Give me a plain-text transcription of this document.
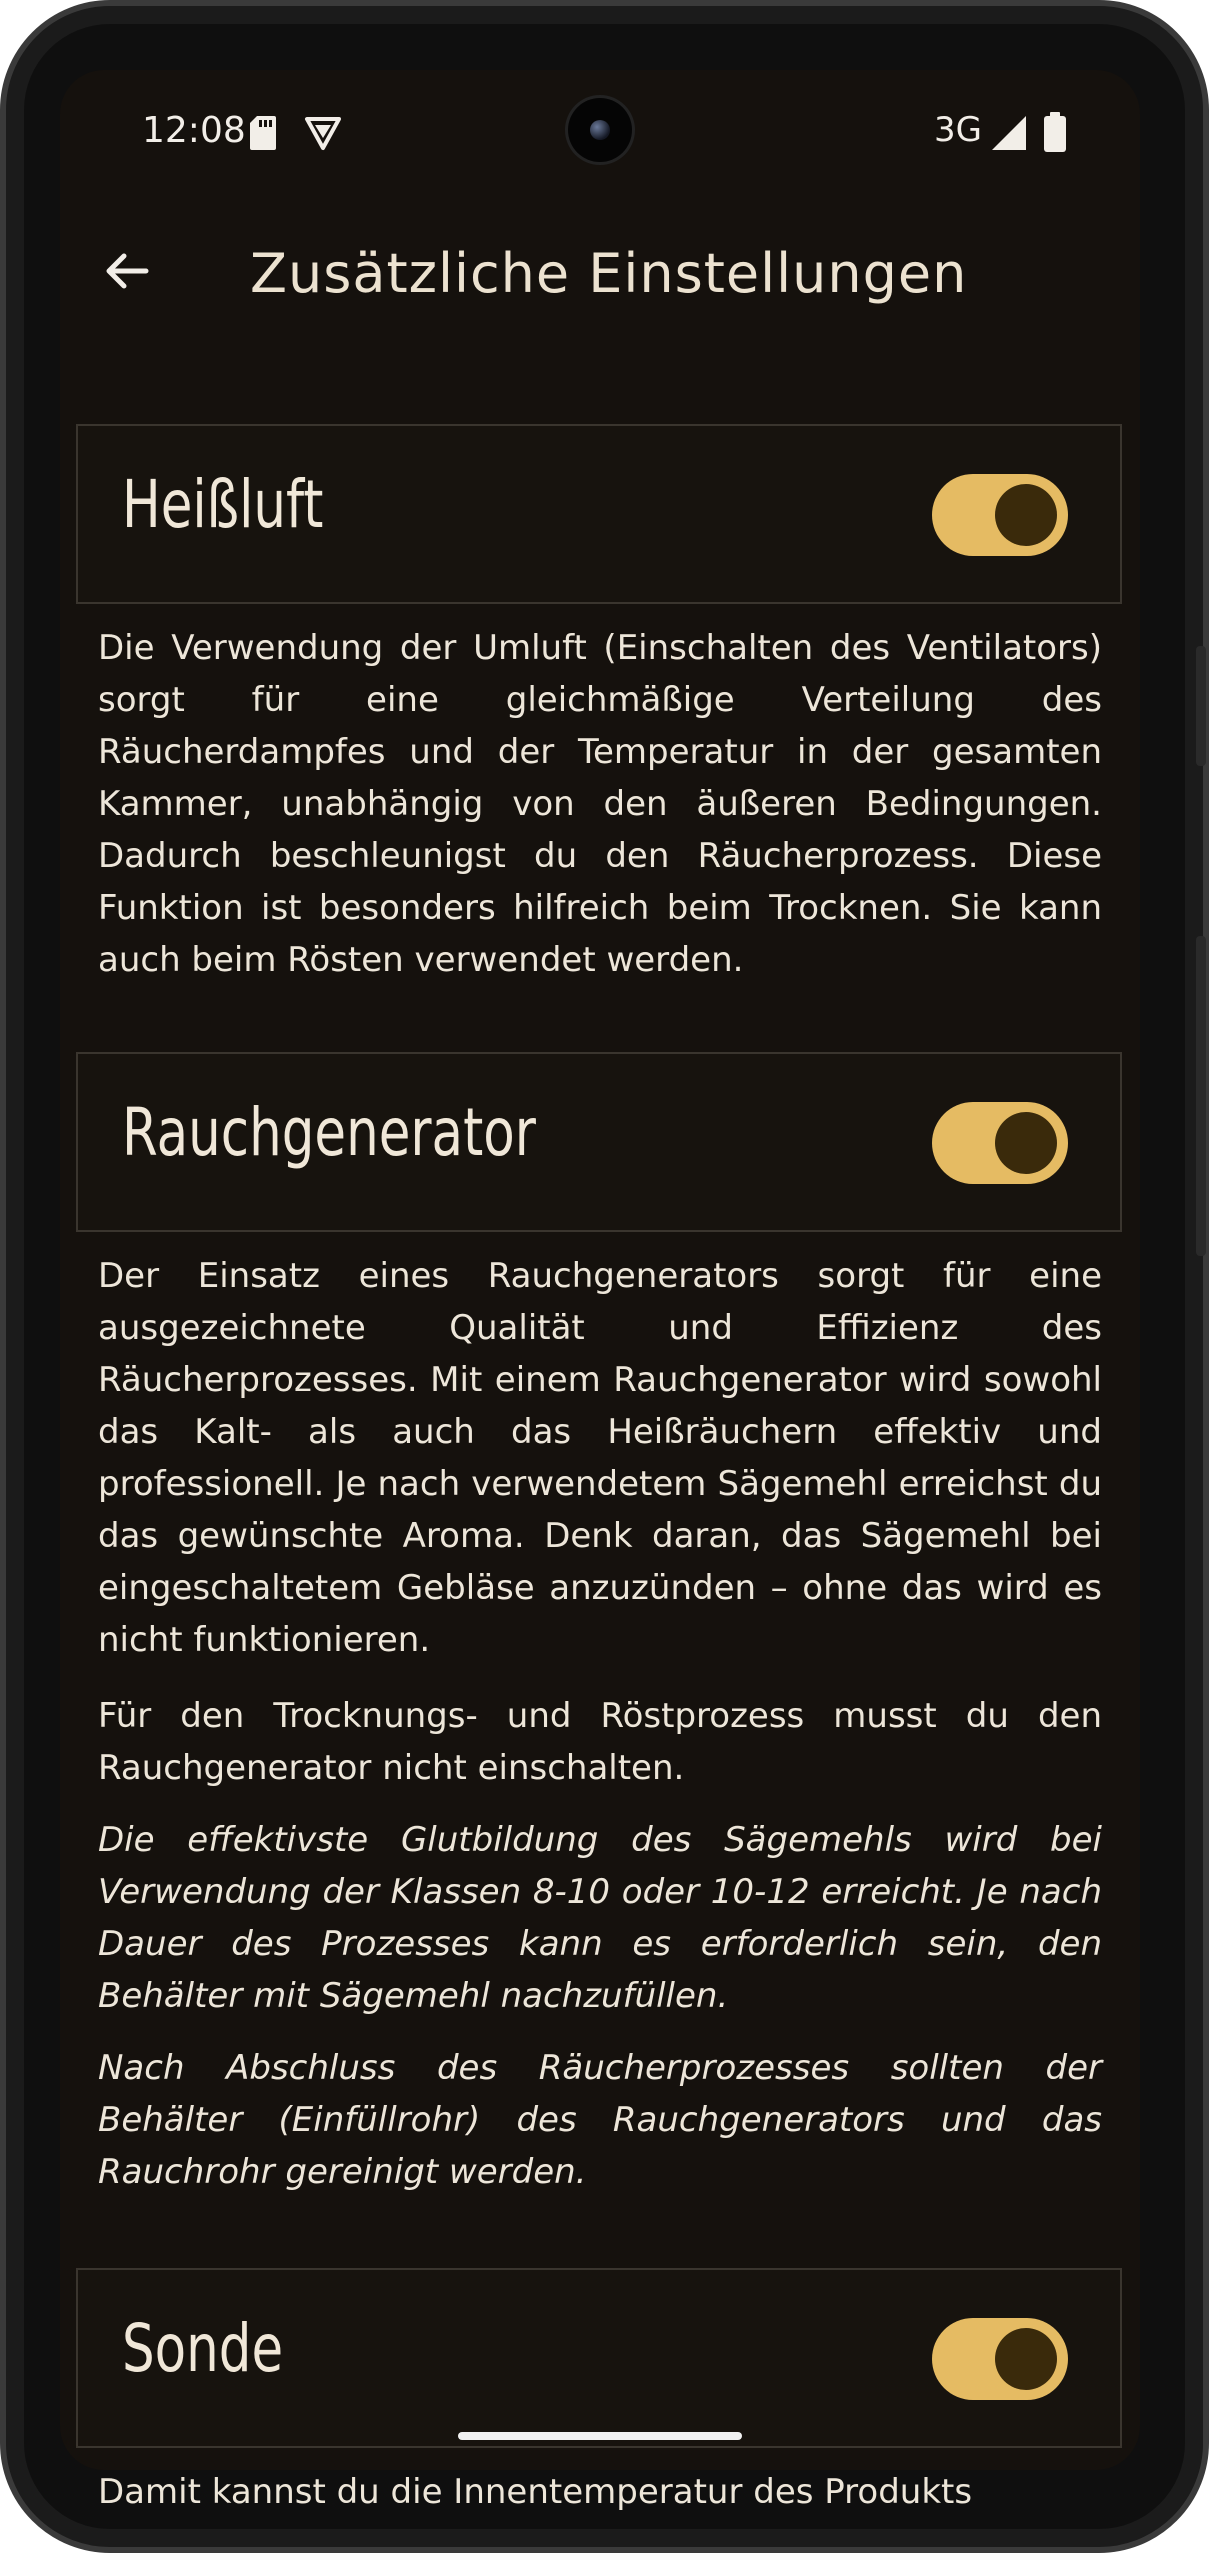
12:08	3G
Zusätzliche Einstellungen
Heißluft

Die Verwendung der Umluft (Einschalten des Ventilators) sorgt für eine gleichmäßige Verteilung des Räucherdampfes und der Temperatur in der gesamten Kammer, unabhängig von den äußeren Bedingungen. Dadurch beschleunigst du den Räucherprozess. Diese Funktion ist besonders hilfreich beim Trocknen. Sie kann auch beim Rösten verwendet werden.

Rauchgenerator

Der Einsatz eines Rauchgenerators sorgt für eine ausgezeichnete Qualität und Effizienz des Räucherprozesses. Mit einem Rauchgenerator wird sowohl das Kalt- als auch das Heißräuchern effektiv und professionell. Je nach verwendetem Sägemehl erreichst du das gewünschte Aroma. Denk daran, das Sägemehl bei eingeschaltetem Gebläse anzuzünden – ohne das wird es nicht funktionieren.

Für den Trocknungs- und Röstprozess musst du den Rauchgenerator nicht einschalten.

Die effektivste Glutbildung des Sägemehls wird bei Verwendung der Klassen 8-10 oder 10-12 erreicht. Je nach Dauer des Prozesses kann es erforderlich sein, den Behälter mit Sägemehl nachzufüllen.

Nach Abschluss des Räucherprozesses sollten der Behälter (Einfüllrohr) des Rauchgenerators und das Rauchrohr gereinigt werden.

Sonde

Damit kannst du die Innentemperatur des Produkts
